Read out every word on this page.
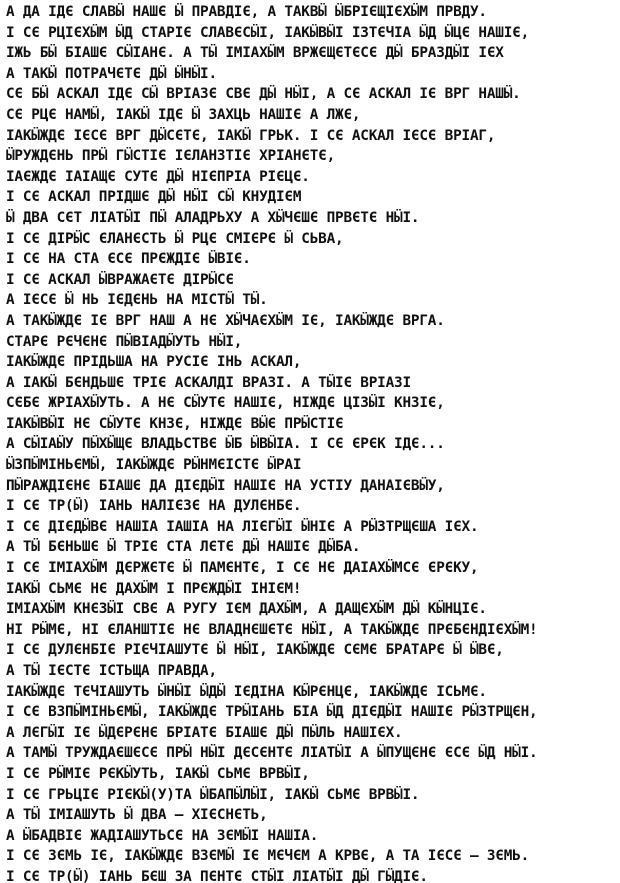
А ДА ІДЄ СЛАВӸ НАШЄ Ӹ ПРАВДІЄ, А ТАКВӸ ӸБРІЄЩІЄХӸМ ПРВДУ.
І СЄ РЦІЄХӸМ ӸД СТАРІЄ СЛАВЄСӸІ, ІАКӸВӸІ ІЗТЄЧІА ӸД ӸЦЄ НАШІЄ,
ІЖЬ БӸ БІАШЄ СӸІАНЄ. А ТӸ ІМІАХӸМ ВРЖЄЩЄТЄСЄ ДӸ БРАЗДӸІ ІЄХ
А ТАКӸ ПОТРАЧЄТЄ ДӸ ӸНӸІ.
СЄ БӸ АСКАЛ ІДЄ СӸ ВРІАЗЄ СВЄ ДӸ НӸІ, А СЄ АСКАЛ ІЄ ВРГ НАШӸ.
СЄ РЦЄ НАМӸ, ІАКӸ ІДЄ Ӹ ЗАХЦЬ НАШІЄ А ЛЖЄ,
ІАКӸЖДЄ ІЄСЄ ВРГ ДӸСЄТЄ, ІАКӸ ГРЬК. І СЄ АСКАЛ ІЄСЄ ВРІАГ,
ӸРУЖДЄНЬ ПРӸ ГӸСТІЄ ІЄЛАНЗТІЄ ХРІАНЄТЄ,
ІАЄЖДЄ ІАІАЩЄ СУТЄ ДӸ НІЄПРІА РІЄЦЄ.
І СЄ АСКАЛ ПРІДШЄ ДӸ НӸІ СӸ КНУДІЄМ
Ӹ ДВА СЄТ ЛІАТӸІ ПӸ АЛАДРЬХУ А ХӸЧЄШЄ ПРВЄТЄ НӸІ.
І СЄ ДІРӸС ЄЛАНЄСТЬ Ӹ РЦЄ СМІЄРЄ Ӹ СЬВА,
І СЄ НА СТА ЄСЄ ПРЄЖДІЄ ӸВІЄ.
І СЄ АСКАЛ ӸВРАЖАЄТЄ ДІРӸСЄ
А ІЄСЄ Ӹ НЬ ІЄДЄНЬ НА МІСТӸ ТӸ.
А ТАКӸЖДЄ ІЄ ВРГ НАШ А НЄ ХӸЧАЄХӸМ ІЄ, ІАКӸЖДЄ ВРГА.
СТАРЄ РЄЧЄНЄ ПӸВІАДӸУТЬ НӸІ,
ІАКӸЖДЄ ПРІДЬША НА РУСІЄ ІНЬ АСКАЛ,
А ІАКӸ БЄНДЬШЄ ТРІЄ АСКАЛДІ ВРАЗІ. А ТӸІЄ ВРІАЗІ
СЄБЄ ЖРІАХӸУТЬ. А НЄ СӸУТЄ НАШІЄ, НІЖДЄ ЦІЗӸІ КНЗІЄ,
ІАКӸВӸІ НЄ СӸУТЄ КНЗЄ, НІЖДЄ ВӸЄ ПРӸСТІЄ
А СӸІАӸУ ПӸХӸЩЄ ВЛАДЬСТВЄ ӸБ ӸВӸІА. І СЄ ЄРЄК ІДЄ...
ӸЗПӸМІНЬЄМӸ, ІАКӸЖДЄ РӸНМЄІСТЄ ӸРАІ
ПӸРАЖДІЄНЄ БІАШЄ ДА ДІЄДӸІ НАШІЄ НА УСТІУ ДАНАІЄВӸУ,
І СЄ ТР(Ӹ) ІАНЬ НАЛІЄЗЄ НА ДУЛЄНБЄ.
І СЄ ДІЄДӸВЄ НАШІА ІАШІА НА ЛІЄГӸІ ӸНІЄ А РӸЗТРЩЄША ІЄХ.
А ТӸ БЄНЬШЄ Ӹ ТРІЄ СТА ЛЄТЄ ДӸ НАШІЄ ДӸБА.
І СЄ ІМІАХӸМ ДЄРЖЄТЄ Ӹ ПАМЄНТЄ, І СЄ НЄ ДАІАХӸМСЄ ЄРЄКУ,
ІАКӸ СЬМЄ НЄ ДАХӸМ І ПРЄЖДӸІ ІНІЄМ!
ІМІАХӸМ КНЄЗӸІ СВЄ А РУГУ ІЄМ ДАХӸМ, А ДАЩЄХӸМ ДӸ КӸНЦІЄ.
НІ РӸМЄ, НІ ЄЛАНШТІЄ НЄ ВЛАДНЄШЄТЄ НӸІ, А ТАКӸЖДЄ ПРЄБЄНДІЄХӸМ!
І СЄ ДУЛЄНБІЄ РІЄЧІАШУТЄ Ӹ НӸІ, ІАКӸЖДЄ СЄМЄ БРАТАРЄ Ӹ ӸВЄ,
А ТӸ ІЄСТЄ ІСТЬЩА ПРАВДА,
ІАКӸЖДЄ ТЄЧІАШУТЬ ӸНӸІ ӸДӸ ІЄДІНА КӸРЄНЦЄ, ІАКӸЖДЄ ІСЬМЄ.
І СЄ ВЗПӸМІНЬЄМӸ, ІАКӸЖДЄ ТРӸІАНЬ БІА ӸД ДІЄДӸІ НАШІЄ РӸЗТРЩЄН,
А ЛЄГӸІ ІЄ ӸДЄРЄНЄ БРІАТЄ БІАШЄ ДӸ ПӸЛЬ НАШІЄХ.
А ТАМӸ ТРУЖДАЄШЄСЄ ПРӸ НӸІ ДЄСЄНТЄ ЛІАТӸІ А ӸПУЩЄНЄ ЄСЄ ӸД НӸІ.
І СЄ РӸМІЄ РЄКӸУТЬ, ІАКӸ СЬМЄ ВРВӸІ,
І СЄ ГРЬЦІЄ РІЄКӸ(У)ТА ӸБАПӸЛӸІ, ІАКӸ СЬМЄ ВРВӸІ.
А ТӸ ІМІАШУТЬ Ӹ ДВА – ХІЄСНЄТЬ,
А ӸБАДВІЄ ЖАДІАШУТЬСЄ НА ЗЄМӸІ НАШІА.
І СЄ ЗЄМЬ ІЄ, ІАКӸЖДЄ ВЗЄМӸ ІЄ МЄЧЄМ А КРВЄ, А ТА ІЄСЄ – ЗЄМЬ.
І СЄ ТР(Ӹ) ІАНЬ БЄШ ЗА ПЄНТЄ СТӸІ ЛІАТӸІ ДӸ ГӸДІЄ.
